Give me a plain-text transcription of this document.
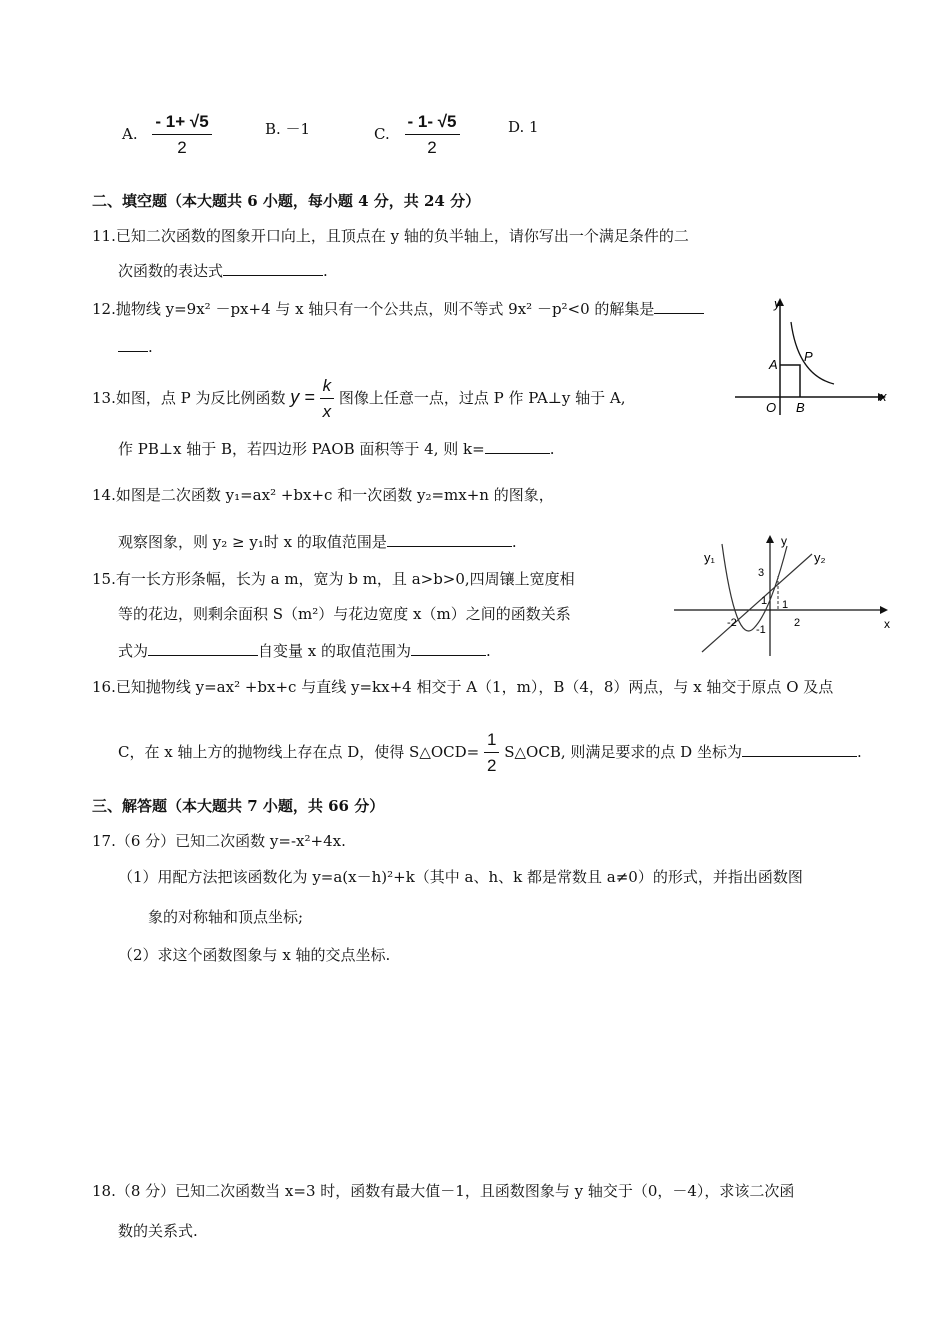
A. $\frac{- 1+ √5}{2}$	B. －1	C. $\frac{- 1- √5}{2}$	D. 1
二、填空题（本大题共 6 小题，每小题 4 分，共 24 分）
11.已知二次函数的图象开口向上，且顶点在 y 轴的负半轴上，请你写出一个满足条件的二
次函数的表达式	.
12.抛物线 y=9x² －px+4 与 x 轴只有一个公共点，则不等式 9x² －p²<0 的解集是
.
13.如图，点 P 为反比例函数 $y = \frac{k}{x}$ 图像上任意一点，过点 P 作 PA⊥y 轴于 A,
作 PB⊥x 轴于 B，若四边形 PAOB 面积等于 4, 则 k=	.
y
x
O B
A
P
14.如图是二次函数 y₁=ax² +bx+c 和一次函数 y₂=mx+n 的图象，
观察图象，则 y₂ ≥ y₁时 x 的取值范围是	.
y₁	y₂
y
x
3
1 1
-1
-2	2
15.有一长方形条幅，长为 a m，宽为 b m，且 a>b>0,四周镶上宽度相
等的花边，则剩余面积 S（m²）与花边宽度 x（m）之间的函数关系
式为	自变量 x 的取值范围为	.
16.已知抛物线 y=ax² +bx+c 与直线 y=kx+4 相交于 A（1，m），B（4，8）两点，与 x 轴交于原点 O 及点
C，在 x 轴上方的抛物线上存在点 D，使得 S△OCD= $\frac{1}{2}$ S△OCB, 则满足要求的点 D 坐标为	.
三、解答题（本大题共 7 小题，共 66 分）
17.（6 分）已知二次函数 y=-x²+4x.
（1）用配方法把该函数化为 y=a(x－h)²+k（其中 a、h、k 都是常数且 a≠0）的形式，并指出函数图
象的对称轴和顶点坐标;
（2）求这个函数图象与 x 轴的交点坐标.
18.（8 分）已知二次函数当 x=3 时，函数有最大值－1，且函数图象与 y 轴交于（0，－4），求该二次函
数的关系式.
